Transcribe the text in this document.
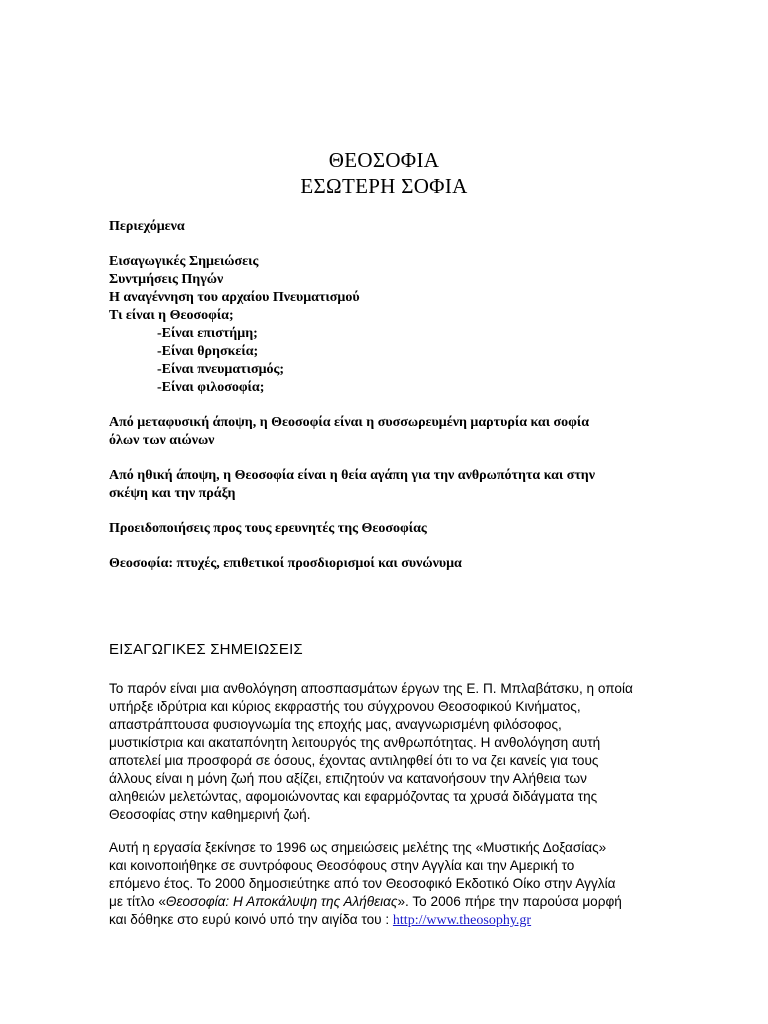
ΘΕΟΣΟΦΙΑ
ΕΣΩΤΕΡΗ ΣΟΦΙΑ
Περιεχόμενα
Εισαγωγικές Σημειώσεις
Συντμήσεις Πηγών
Η αναγέννηση του αρχαίου Πνευματισμού
Τι είναι η Θεοσοφία;
-Είναι επιστήμη;
-Είναι θρησκεία;
-Είναι πνευματισμός;
-Είναι φιλοσοφία;
Από μεταφυσική άποψη, η Θεοσοφία είναι η συσσωρευμένη μαρτυρία και σοφία
όλων των αιώνων
Από ηθική άποψη, η Θεοσοφία είναι η θεία αγάπη για την ανθρωπότητα και στην
σκέψη και την πράξη
Προειδοποιήσεις προς τους ερευνητές της Θεοσοφίας
Θεοσοφία: πτυχές, επιθετικοί προσδιορισμοί και συνώνυμα
ΕΙΣΑΓΩΓΙΚΕΣ ΣΗΜΕΙΩΣΕΙΣ
Το παρόν είναι μια ανθολόγηση αποσπασμάτων έργων της Ε. Π. Μπλαβάτσκυ, η οποία
υπήρξε ιδρύτρια και κύριος εκφραστής του σύγχρονου Θεοσοφικού Κινήματος,
απαστράπτουσα φυσιογνωμία της εποχής μας, αναγνωρισμένη φιλόσοφος,
μυστικίστρια και ακαταπόνητη λειτουργός της ανθρωπότητας. Η ανθολόγηση αυτή
αποτελεί μια προσφορά σε όσους, έχοντας αντιληφθεί ότι το να ζει κανείς για τους
άλλους είναι η μόνη ζωή που αξίζει, επιζητούν να κατανοήσουν την Αλήθεια των
αληθειών μελετώντας, αφομοιώνοντας και εφαρμόζοντας τα χρυσά διδάγματα της
Θεοσοφίας στην καθημερινή ζωή.
Αυτή η εργασία ξεκίνησε το 1996 ως σημειώσεις μελέτης της «Μυστικής Δοξασίας»
και κοινοποιήθηκε σε συντρόφους Θεοσόφους στην Αγγλία και την Αμερική το
επόμενο έτος. Το 2000 δημοσιεύτηκε από τον Θεοσοφικό Εκδοτικό Οίκο στην Αγγλία
με τίτλο «Θεοσοφία: Η Αποκάλυψη της Αλήθειας». Το 2006 πήρε την παρούσα μορφή
και δόθηκε στο ευρύ κοινό υπό την αιγίδα του : http://www.theosophy.gr
